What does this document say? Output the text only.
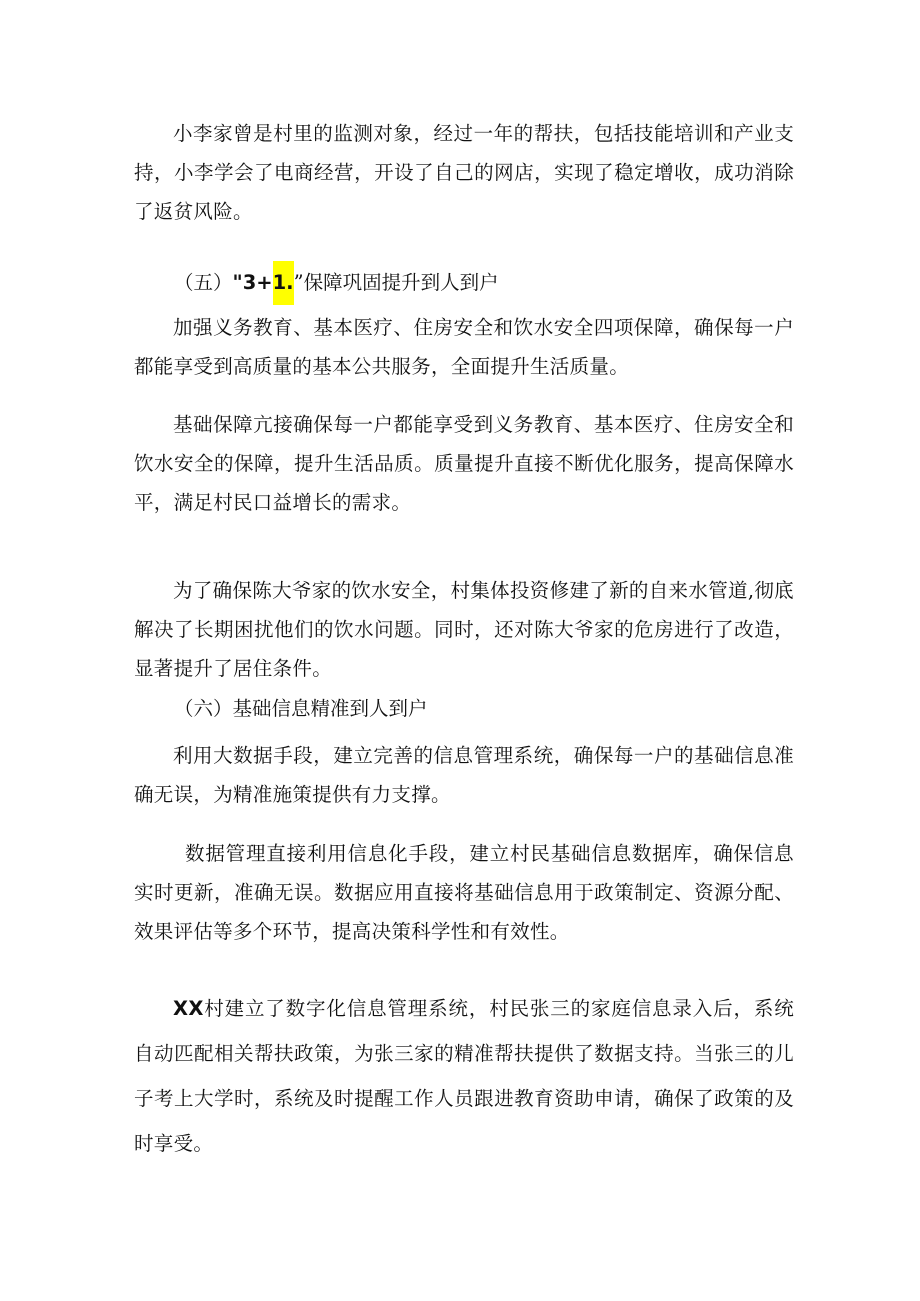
小李家曾是村里的监测对象，经过一年的帮扶，包括技能培训和产业支持，小李学会了电商经营，开设了自己的网店，实现了稳定增收，成功消除了返贫风险。

（五）"3+1.”保障巩固提升到人到户

加强义务教育、基本医疗、住房安全和饮水安全四项保障，确保每一户都能享受到高质量的基本公共服务，全面提升生活质量。

基础保障亢接确保每一户都能享受到义务教育、基本医疗、住房安全和饮水安全的保障，提升生活品质。质量提升直接不断优化服务，提高保障水平，满足村民口益增长的需求。

为了确保陈大爷家的饮水安全，村集体投资修建了新的自来水管道,彻底解决了长期困扰他们的饮水问题。同时，还对陈大爷家的危房进行了改造，显著提升了居住条件。

（六）基础信息精准到人到户

利用大数据手段，建立完善的信息管理系统，确保每一户的基础信息准确无误，为精准施策提供有力支撑。

数据管理直接利用信息化手段，建立村民基础信息数据库，确保信息实时更新，准确无误。数据应用直接将基础信息用于政策制定、资源分配、效果评估等多个环节，提高决策科学性和有效性。

XX村建立了数字化信息管理系统，村民张三的家庭信息录入后，系统自动匹配相关帮扶政策，为张三家的精准帮扶提供了数据支持。当张三的儿子考上大学时，系统及时提醒工作人员跟进教育资助申请，确保了政策的及时享受。
